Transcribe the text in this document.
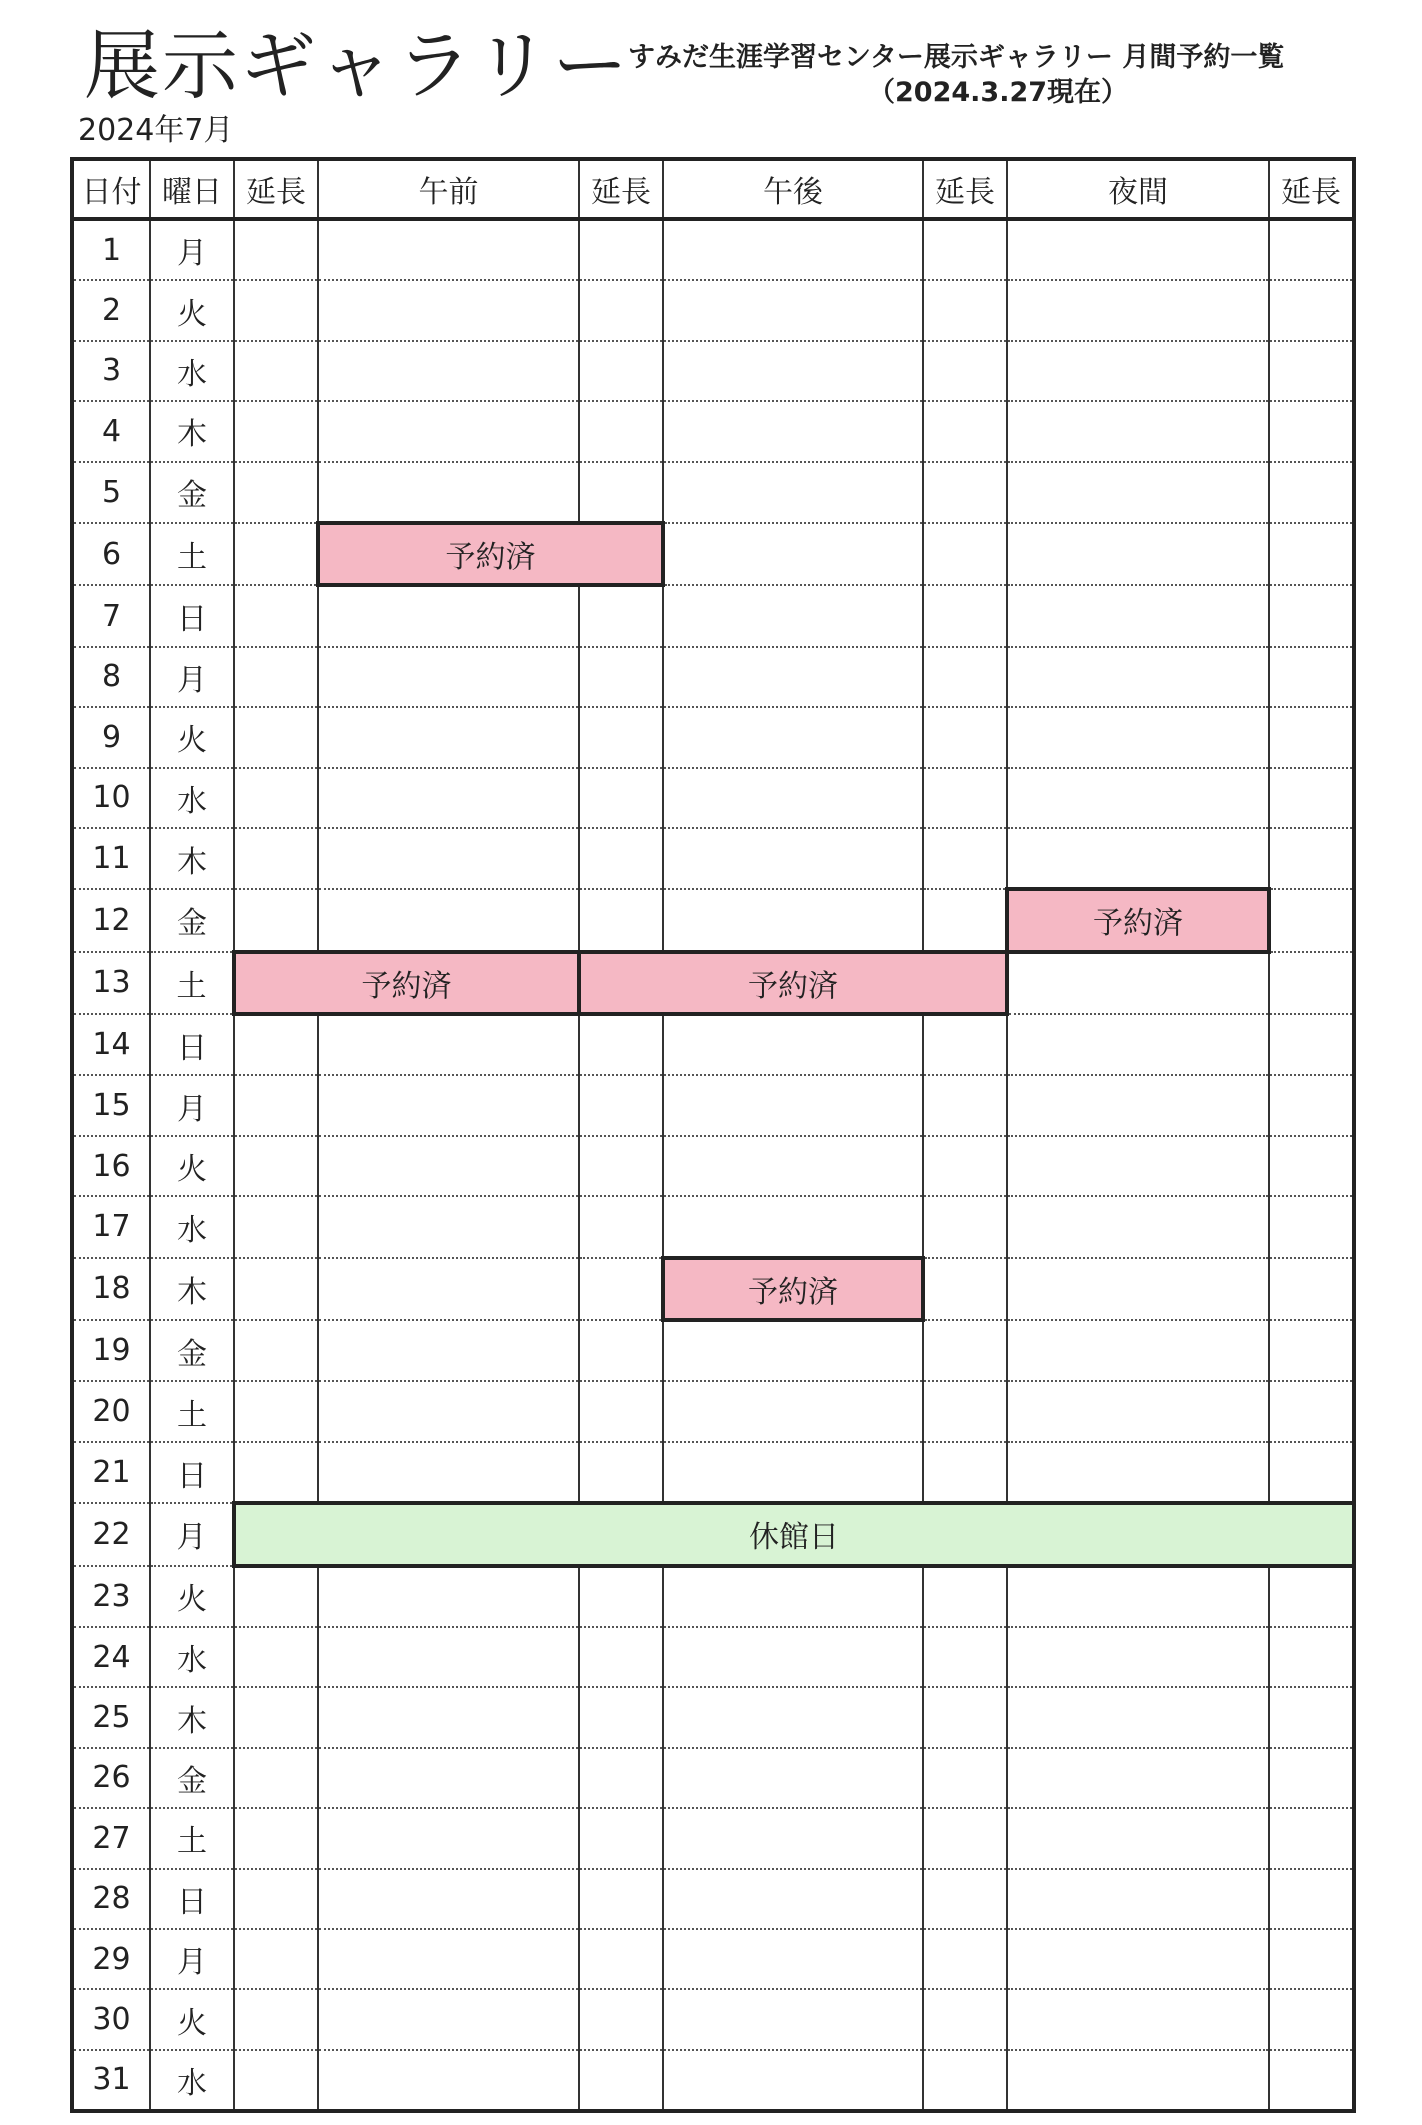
展示ギャラリー
すみだ生涯学習センター展示ギャラリー 月間予約一覧
（2024.3.27現在）
2024年7月
日付	曜日	延長	午前	延長	午後	延長	夜間	延長
1	月							
2	火							
3	水							
4	木							
5	金							
6	土		予約済					
7	日							
8	月							
9	火							
10	水							
11	木							
12	金						予約済	
13	土	予約済		予約済				
14	日							
15	月							
16	火							
17	水							
18	木				予約済			
19	金							
20	土							
21	日							
22	月	休館日						
23	火							
24	水							
25	木							
26	金							
27	土							
28	日							
29	月							
30	火							
31	水							
